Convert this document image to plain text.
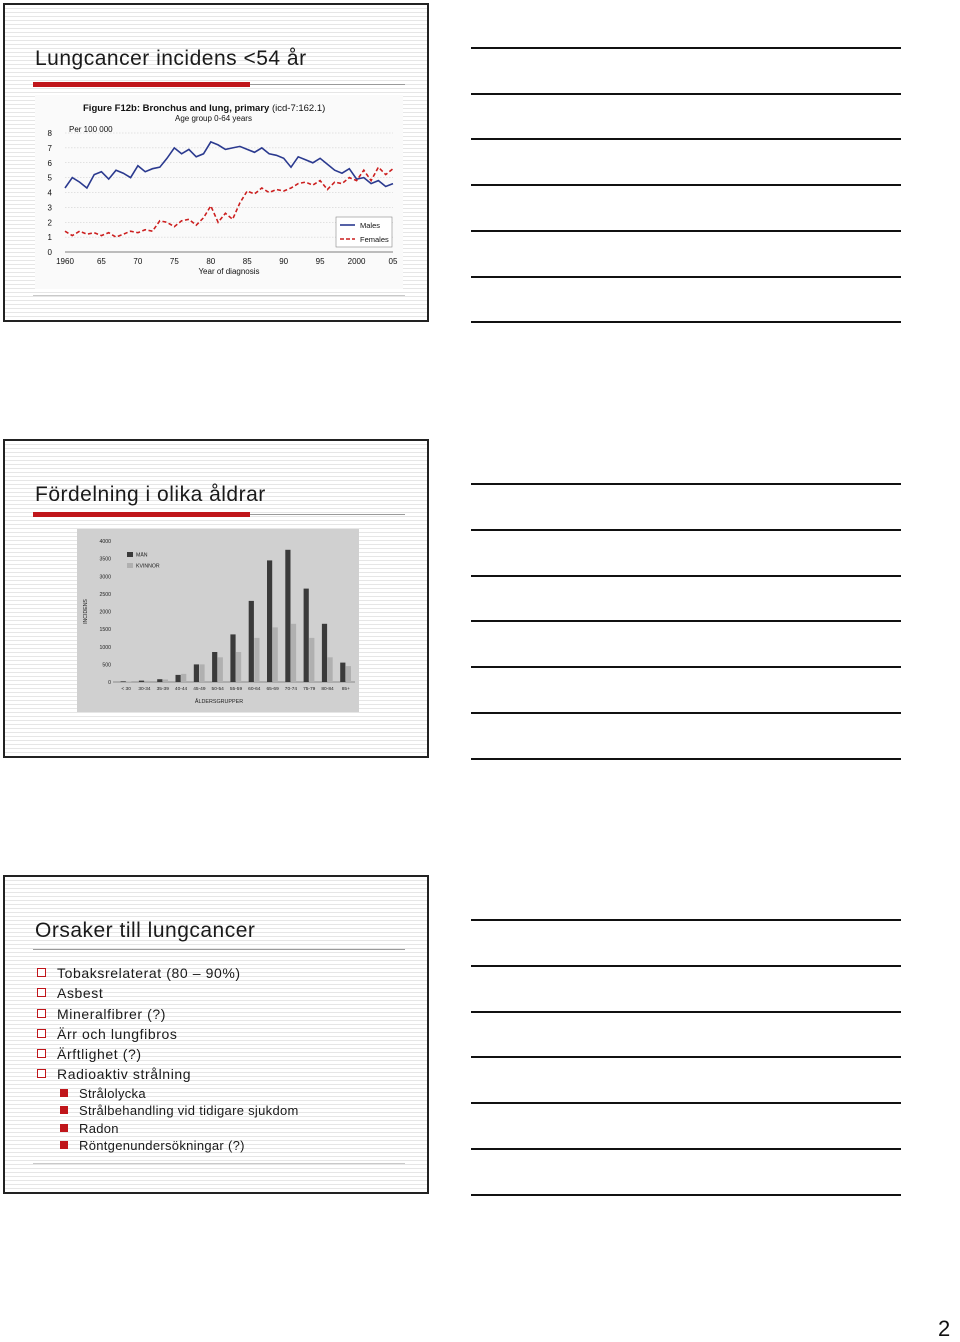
Lungcancer incidens <54 år
Figure F12b: Bronchus and lung, primary (icd-7:162.1)
Age group 0-64 years
Per 100 000
0
1
2
3
4
5
6
7
8
1960	65	70	75	80	85	90	95	2000	05
Year of diagnosis
Males
Females
Fördelning i olika åldrar
0
500
1000
1500
2000
2500
3000
3500
4000
INCIDENS
< 30 30-34 35-39 40-44 45-49 50-54 55-59 60-64 65-69 70-74 75-79 80-84 85+
ÅLDERSGRUPPER
MÄN
KVINNOR
Orsaker till lungcancer
Tobaksrelaterat (80 – 90%)
Asbest
Mineralfibrer (?)
Ärr och lungfibros
Ärftlighet (?)
Radioaktiv strålning
Strålolycka
Strålbehandling vid tidigare sjukdom
Radon
Röntgenundersökningar (?)
2
